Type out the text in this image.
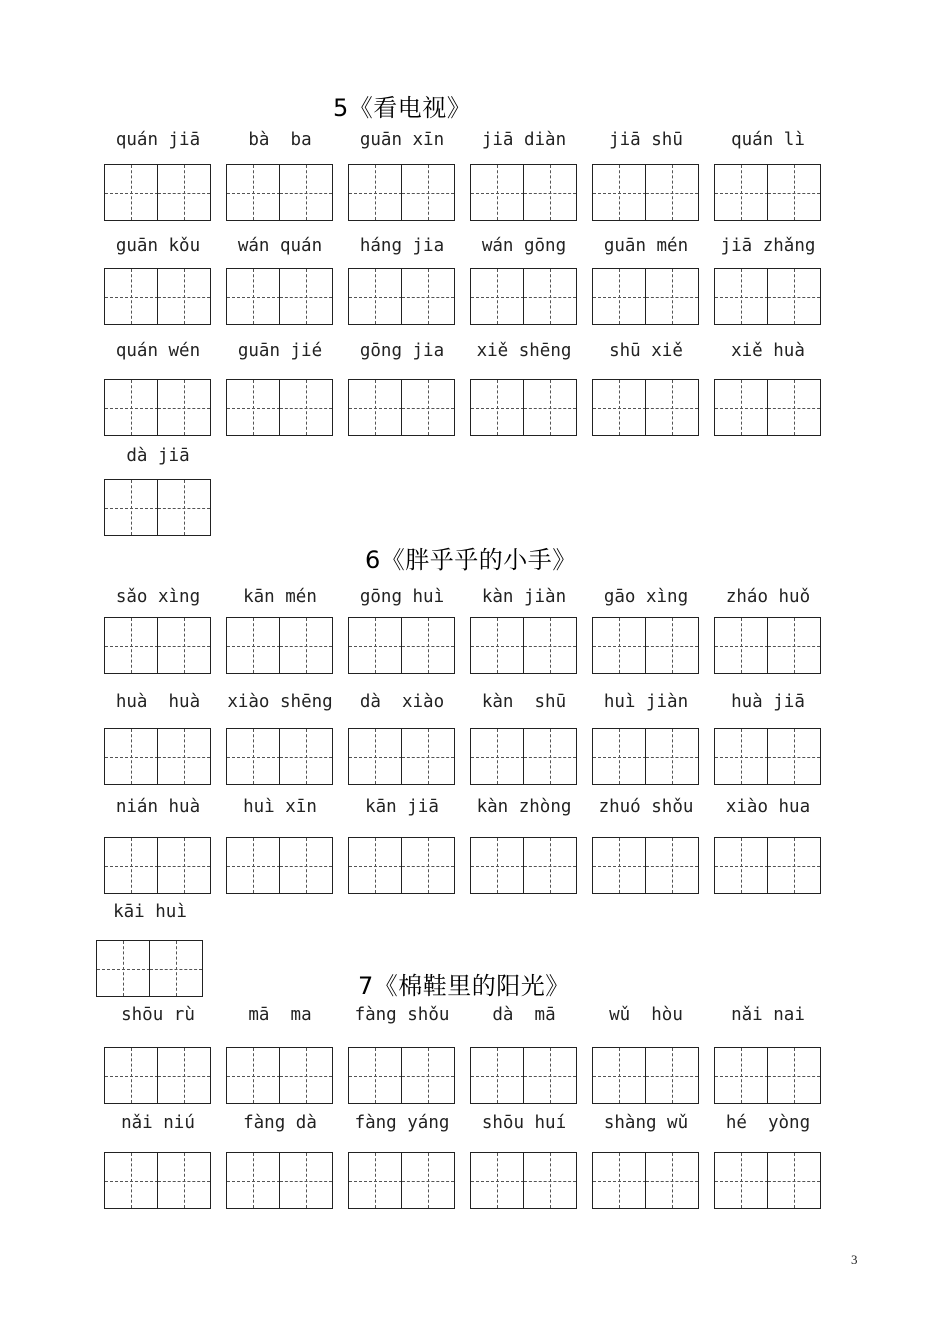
5《看电视》
6《胖乎乎的小手》
7《棉鞋里的阳光》
quán jiā	bà  ba	guān xīn	jiā diàn	jiā shū	quán lì
guān kǒu	wán quán	háng jia	wán gōng	guān mén	jiā zhǎng
quán wén	guān jié	gōng jia	xiě shēng	shū xiě	xiě huà
dà jiā
sǎo xìng	kān mén	gōng huì	kàn jiàn	gāo xìng	zháo huǒ
huà  huà	xiào shēng	dà  xiào	kàn  shū	huì jiàn	huà jiā
nián huà	huì xīn	kān jiā	kàn zhòng	zhuó shǒu	xiào hua
kāi huì
shōu rù	mā  ma	fàng shǒu	dà  mā	wǔ  hòu	nǎi nai
nǎi niú	fàng dà	fàng yáng	shōu huí	shàng wǔ	hé  yòng
3
